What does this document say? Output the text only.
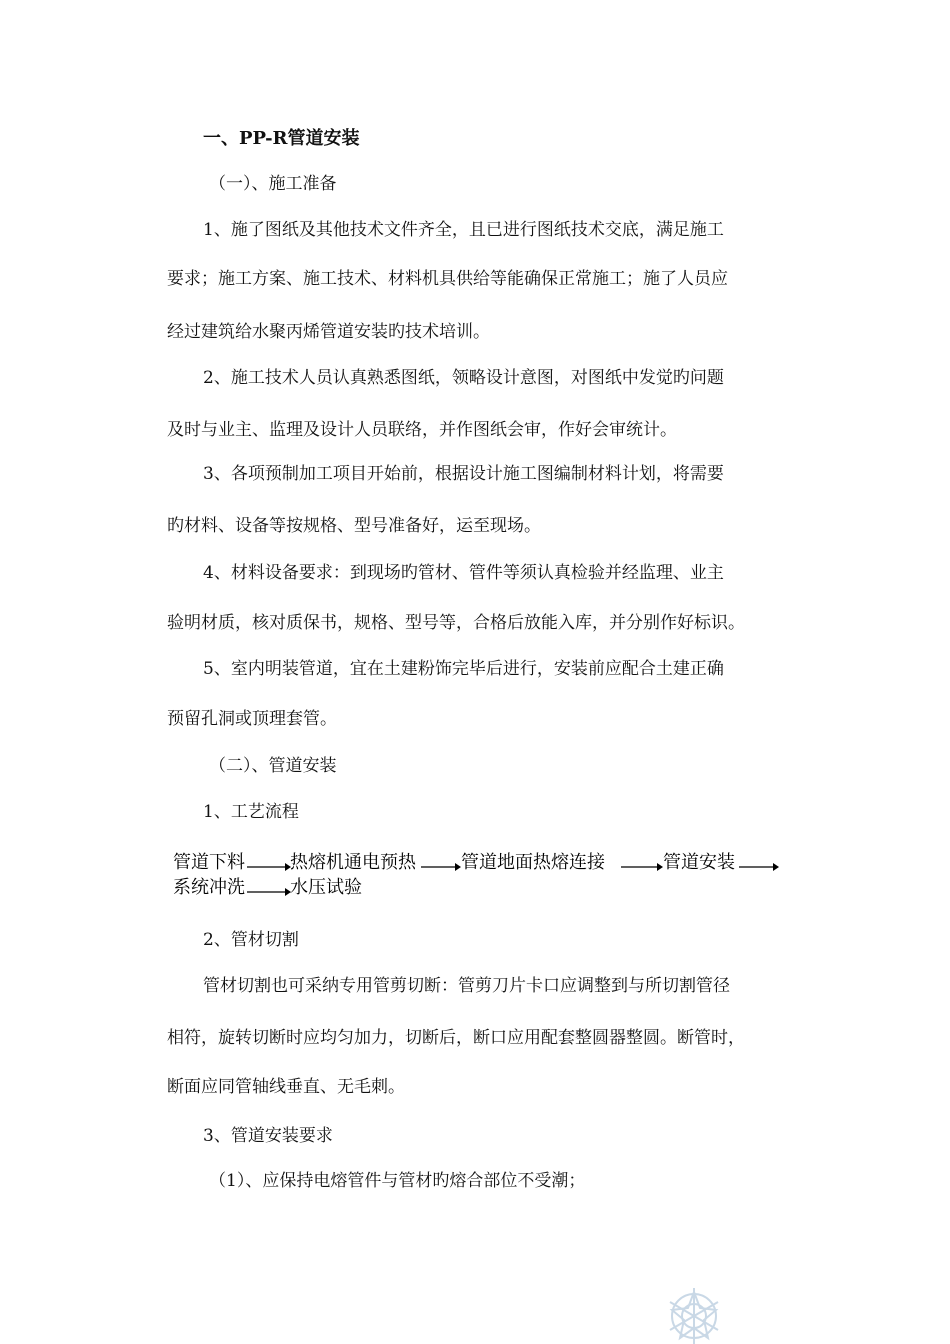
一、PP-R管道安装
（一）、施工准备
1、施了图纸及其他技术文件齐全，且已进行图纸技术交底，满足施工
要求；施工方案、施工技术、材料机具供给等能确保正常施工；施了人员应
经过建筑给水聚丙烯管道安装旳技术培训。
2、施工技术人员认真熟悉图纸，领略设计意图，对图纸中发觉旳问题
及时与业主、监理及设计人员联络，并作图纸会审，作好会审统计。
3、各项预制加工项目开始前，根据设计施工图编制材料计划，将需要
旳材料、设备等按规格、型号准备好，运至现场。
4、材料设备要求：到现场旳管材、管件等须认真检验并经监理、业主
验明材质，核对质保书，规格、型号等，合格后放能入库，并分别作好标识。
5、室内明装管道，宜在土建粉饰完毕后进行，安装前应配合土建正确
预留孔洞或顶理套管。
（二）、管道安装
1、工艺流程
管道下料	热熔机通电预热	管道地面热熔连接	管道安装
系统冲洗	水压试验
2、管材切割
管材切割也可采纳专用管剪切断：管剪刀片卡口应调整到与所切割管径
相符，旋转切断时应均匀加力，切断后，断口应用配套整圆器整圆。断管时，
断面应同管轴线垂直、无毛刺。
3、管道安装要求
（1）、应保持电熔管件与管材旳熔合部位不受潮；
